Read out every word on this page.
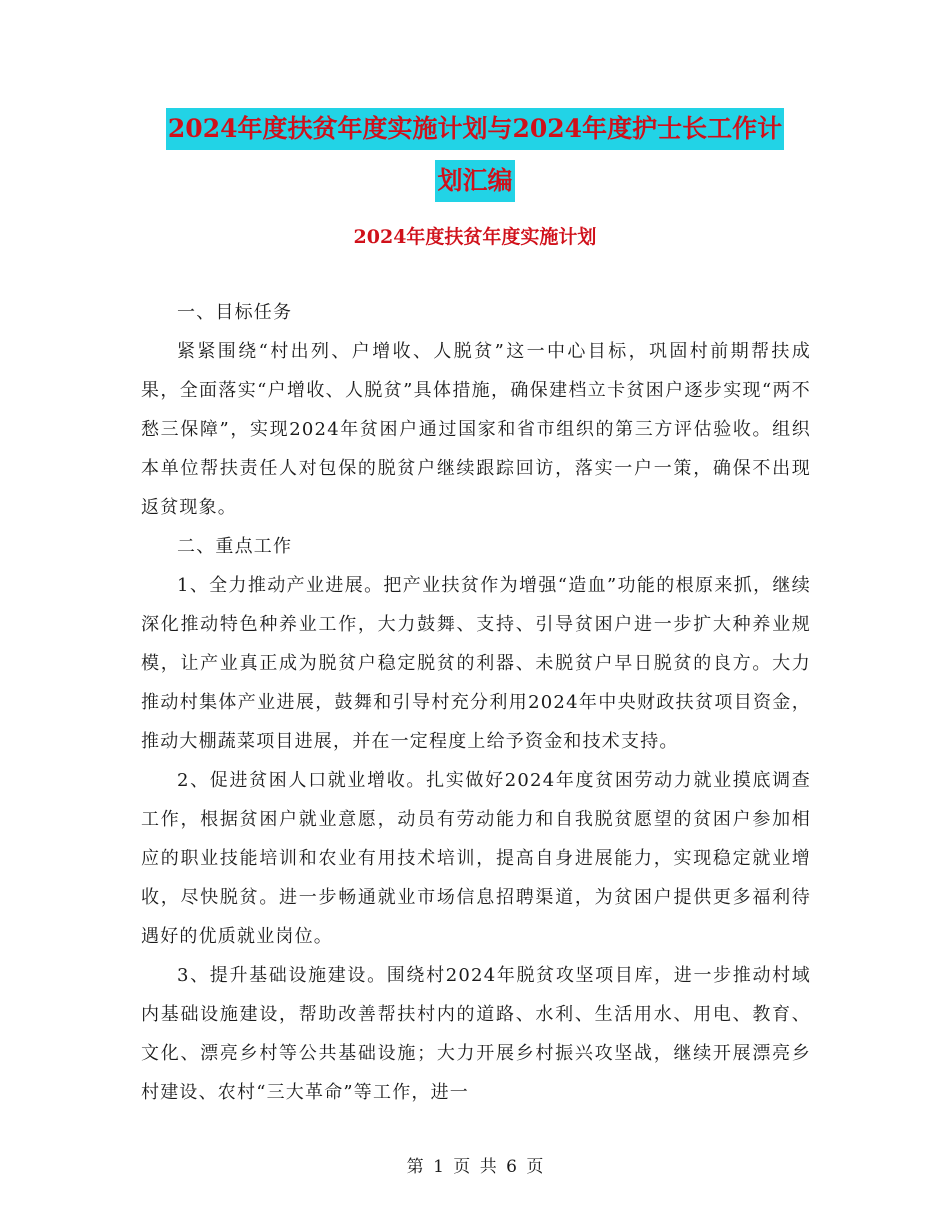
2024年度扶贫年度实施计划与2024年度护士长工作计
划汇编
2024年度扶贫年度实施计划

一、目标任务

紧紧围绕“村出列、户增收、人脱贫”这一中心目标，巩固村前期帮扶成果，全面落实“户增收、人脱贫”具体措施，确保建档立卡贫困户逐步实现“两不愁三保障”，实现2024年贫困户通过国家和省市组织的第三方评估验收。组织本单位帮扶责任人对包保的脱贫户继续跟踪回访，落实一户一策，确保不出现返贫现象。

二、重点工作

1、全力推动产业进展。把产业扶贫作为增强“造血”功能的根原来抓，继续深化推动特色种养业工作，大力鼓舞、支持、引导贫困户进一步扩大种养业规模，让产业真正成为脱贫户稳定脱贫的利器、未脱贫户早日脱贫的良方。大力推动村集体产业进展，鼓舞和引导村充分利用2024年中央财政扶贫项目资金，推动大棚蔬菜项目进展，并在一定程度上给予资金和技术支持。

2、促进贫困人口就业增收。扎实做好2024年度贫困劳动力就业摸底调查工作，根据贫困户就业意愿，动员有劳动能力和自我脱贫愿望的贫困户参加相应的职业技能培训和农业有用技术培训，提高自身进展能力，实现稳定就业增收，尽快脱贫。进一步畅通就业市场信息招聘渠道，为贫困户提供更多福利待遇好的优质就业岗位。

3、提升基础设施建设。围绕村2024年脱贫攻坚项目库，进一步推动村域内基础设施建设，帮助改善帮扶村内的道路、水利、生活用水、用电、教育、文化、漂亮乡村等公共基础设施；大力开展乡村振兴攻坚战，继续开展漂亮乡村建设、农村“三大革命”等工作，进一

第 1 页 共 6 页
